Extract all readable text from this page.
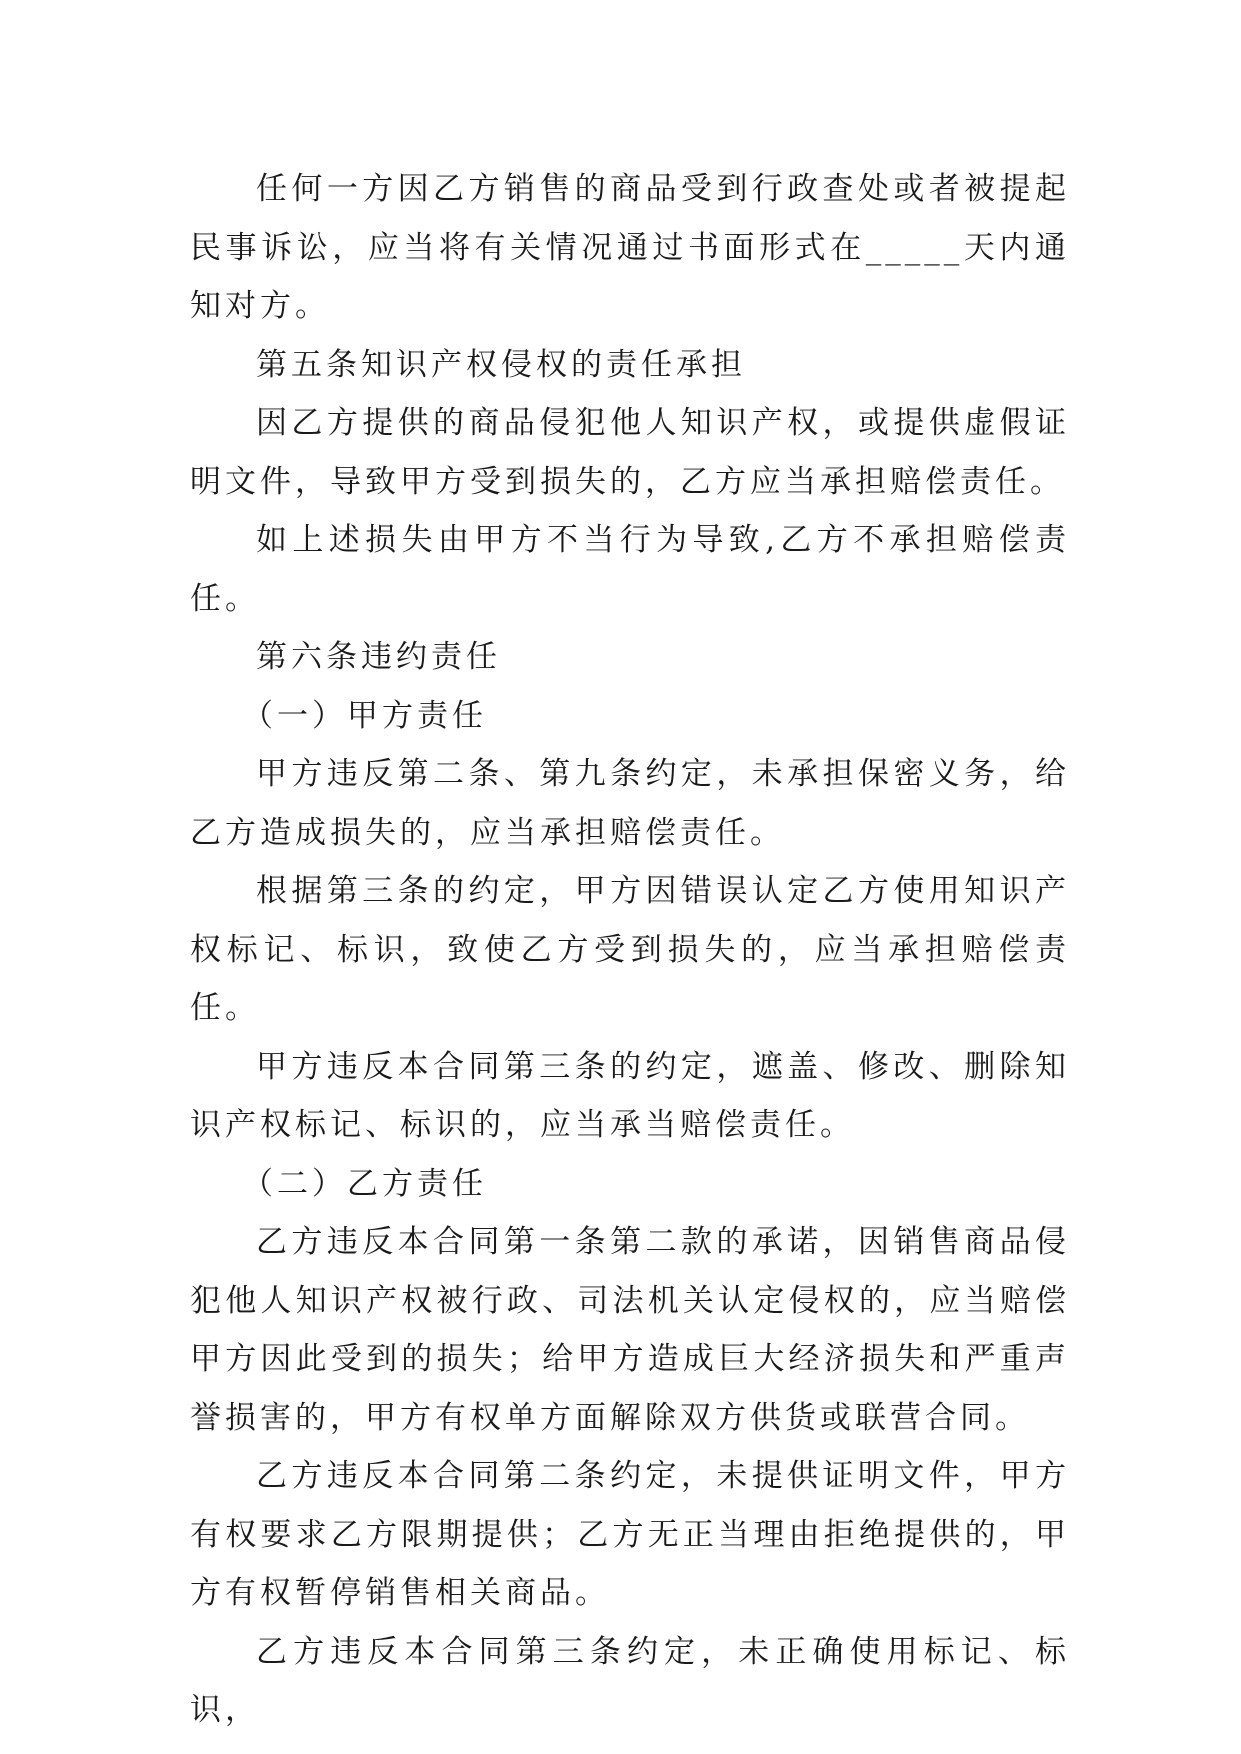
任何一方因乙方销售的商品受到行政查处或者被提起民事诉讼，应当将有关情况通过书面形式在_____天内通知对方。

第五条知识产权侵权的责任承担

因乙方提供的商品侵犯他人知识产权，或提供虚假证明文件，导致甲方受到损失的，乙方应当承担赔偿责任。

如上述损失由甲方不当行为导致,乙方不承担赔偿责任。

第六条违约责任

（一）甲方责任

甲方违反第二条、第九条约定，未承担保密义务，给乙方造成损失的，应当承担赔偿责任。

根据第三条的约定，甲方因错误认定乙方使用知识产权标记、标识，致使乙方受到损失的，应当承担赔偿责任。

甲方违反本合同第三条的约定，遮盖、修改、删除知识产权标记、标识的，应当承当赔偿责任。

（二）乙方责任

乙方违反本合同第一条第二款的承诺，因销售商品侵犯他人知识产权被行政、司法机关认定侵权的，应当赔偿甲方因此受到的损失；给甲方造成巨大经济损失和严重声誉损害的，甲方有权单方面解除双方供货或联营合同。

乙方违反本合同第二条约定，未提供证明文件，甲方有权要求乙方限期提供；乙方无正当理由拒绝提供的，甲方有权暂停销售相关商品。

乙方违反本合同第三条约定，未正确使用标记、标识，
